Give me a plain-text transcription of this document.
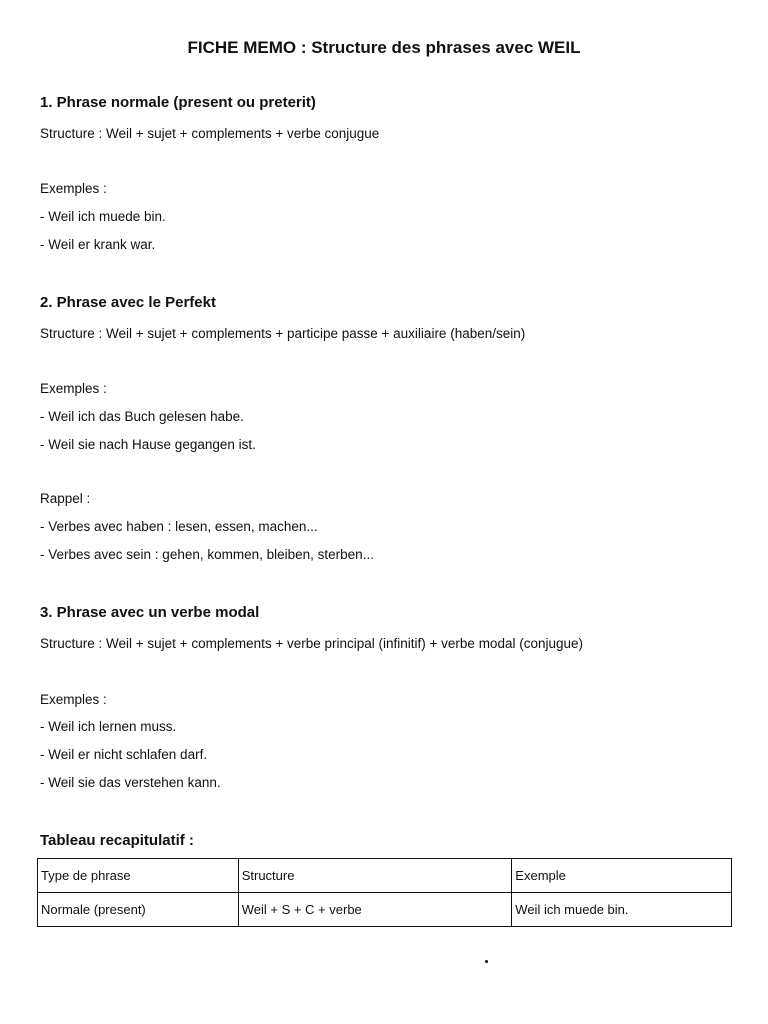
FICHE MEMO : Structure des phrases avec WEIL
1. Phrase normale (present ou preterit)
Structure : Weil + sujet + complements + verbe conjugue
Exemples :
- Weil ich muede bin.
- Weil er krank war.
2. Phrase avec le Perfekt
Structure : Weil + sujet + complements + participe passe + auxiliaire (haben/sein)
Exemples :
- Weil ich das Buch gelesen habe.
- Weil sie nach Hause gegangen ist.
Rappel :
- Verbes avec haben : lesen, essen, machen...
- Verbes avec sein : gehen, kommen, bleiben, sterben...
3. Phrase avec un verbe modal
Structure : Weil + sujet + complements + verbe principal (infinitif) + verbe modal (conjugue)
Exemples :
- Weil ich lernen muss.
- Weil er nicht schlafen darf.
- Weil sie das verstehen kann.
Tableau recapitulatif :
Type de phrase	Structure	Exemple
Normale (present)	Weil + S + C + verbe	Weil ich muede bin.
